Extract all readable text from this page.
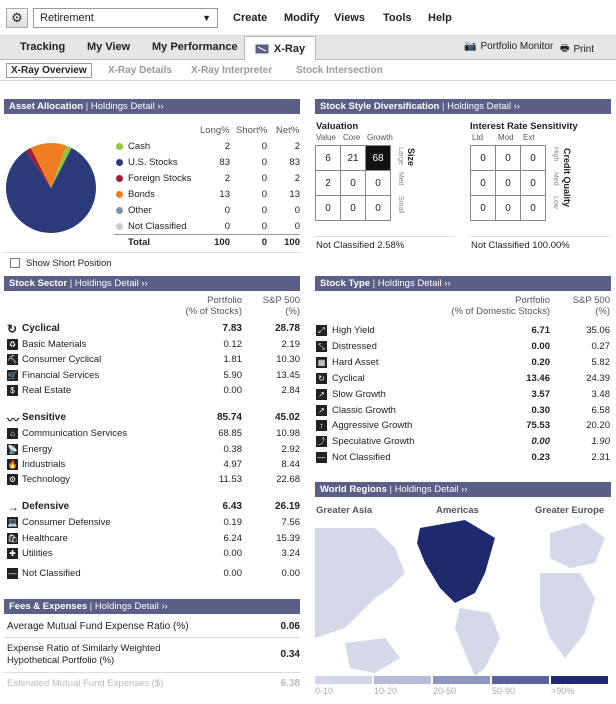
⚙	Retirement	▼ Create Modify Views Tools Help
Tracking My View My Performance	X-Ray	📷 Portfolio Monitor 🖶 Print
X-Ray Overview	X-Ray Details X-Ray Interpreter Stock Intersection
Asset Allocation | Holdings Detail ››
Long% Short% Net%
Total	100	0	100
Show Short Position
Stock Style Diversification | Holdings Detail ››
Valuation
Value Core Growth
6	21	68
2	0	0
0	0	0
Large
Med
Small
Size
Interest Rate Sensitivity
Ltd Mod Ext
0	0	0
0	0	0
0	0	0
High
Med
Low Credit Quality
Not Classified 2.58%	Not Classified 100.00%
Stock Sector | Holdings Detail ››
Portfolio
(% of Stocks)
S&P 500
(%)
Fees & Expenses | Holdings Detail ››
Average Mutual Fund Expense Ratio (%)	0.06
Expense Ratio of Similarly Weighted Hypothetical Portfolio (%)
0.34
Estimated Mutual Fund Expenses ($)	6.38
Stock Type | Holdings Detail ››
Portfolio
(% of Domestic Stocks)
S&P 500
(%)
World Regions | Holdings Detail ››
Greater Asia	Americas	Greater Europe
Cash	2	0	2
U.S. Stocks	83	0	83
Foreign Stocks	2	0	2
Bonds	13	0	13
Other	0	0	0
Not Classified	0	0	0
↻ Cyclical	7.83	28.78
♻ Basic Materials	0.12	2.19
⛏ Consumer Cyclical	1.81	10.30
🛒 Financial Services	5.90	13.45
$ Real Estate	0.00	2.84
〰 Sensitive	85.74	45.02
⌂ Communication Services	68.85	10.98
📡 Energy	0.38	2.92
🔥 Industrials	4.97	8.44
⚙ Technology	11.53	22.68
→ Defensive	6.43	26.19
💻 Consumer Defensive	0.19	7.56
🛍 Healthcare	6.24	15.39
✚ Utilities	0.00	3.24
— Not Classified	0.00	0.00
⤢ High Yield	6.71	35.06
⤡ Distressed	0.00	0.27
▦ Hard Asset	0.20	5.82
↻ Cyclical	13.46	24.39
↗ Slow Growth	3.57	3.48
↗ Classic Growth	0.30	6.58
↑ Aggressive Growth	75.53	20.20
⤴ Speculative Growth	0.00	1.90
— Not Classified	0.23	2.31
0-10	10-20	20-50	50-90	>90%
